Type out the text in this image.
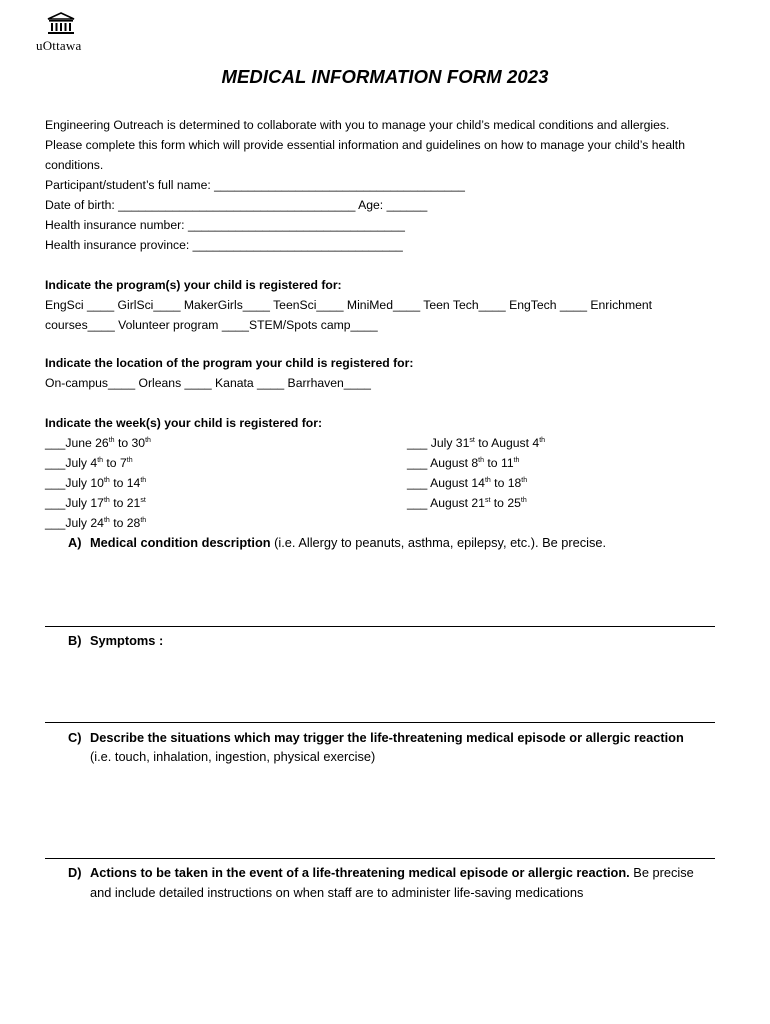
uOttawa
MEDICAL INFORMATION FORM 2023
Engineering Outreach is determined to collaborate with you to manage your child’s medical conditions and allergies.
Please complete this form which will provide essential information and guidelines on how to manage your child’s health
conditions.
Participant/student’s full name: _____________________________________
Date of birth: ___________________________________ Age: ______
Health insurance number: ________________________________
Health insurance province: _______________________________
Indicate the program(s) your child is registered for:
EngSci ____ GirlSci____ MakerGirls____ TeenSci____ MiniMed____ Teen Tech____ EngTech ____ Enrichment
courses____ Volunteer program ____STEM/Spots camp____
Indicate the location of the program your child is registered for:
On-campus____ Orleans ____ Kanata ____ Barrhaven____
Indicate the week(s) your child is registered for:
___June 26th to 30th
___July 4th to 7th
___July 10th to 14th
___July 17th to 21st
___July 24th to 28th
___ July 31st to August 4th
___ August 8th to 11th
___ August 14th to 18th
___ August 21st to 25th
A) Medical condition description (i.e. Allergy to peanuts, asthma, epilepsy, etc.). Be precise.
B) Symptoms :
C) Describe the situations which may trigger the life-threatening medical episode or allergic reaction
(i.e. touch, inhalation, ingestion, physical exercise)
D) Actions to be taken in the event of a life-threatening medical episode or allergic reaction. Be precise
and include detailed instructions on when staff are to administer life-saving medications
